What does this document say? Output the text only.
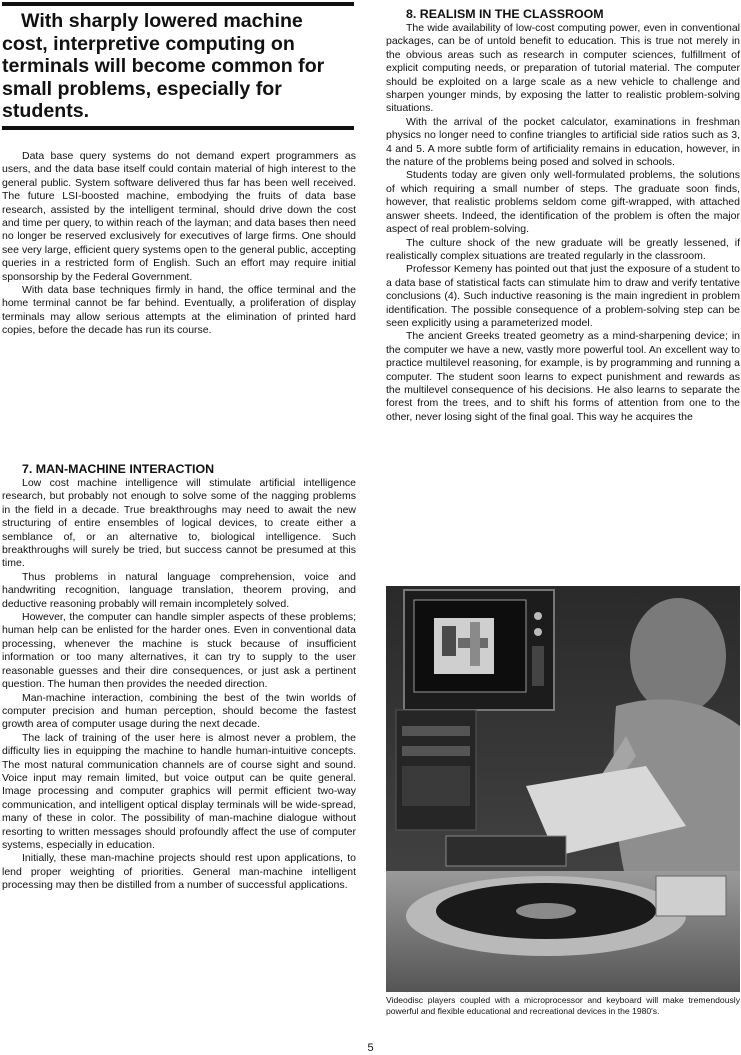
With sharply lowered machine

cost, interpretive computing on

terminals will become common for

small problems, especially for

students.

Data base query systems do not demand expert programmers as users, and the data base itself could contain material of high interest to the general public. System software delivered thus far has been well received. The future LSI-boosted machine, embodying the fruits of data base research, assisted by the intelligent terminal, should drive down the cost and time per query, to within reach of the layman; and data bases then need no longer be reserved exclusively for executives of large firms. One should see very large, efficient query systems open to the general public, accepting queries in a restricted form of English. Such an effort may require initial sponsorship by the Federal Government.

With data base techniques firmly in hand, the office terminal and the home terminal cannot be far behind. Eventually, a proliferation of display terminals may allow serious attempts at the elimination of printed hard copies, before the decade has run its course.

7. MAN-MACHINE INTERACTION

Low cost machine intelligence will stimulate artificial intelligence research, but probably not enough to solve some of the nagging problems in the field in a decade. True breakthroughs may need to await the new structuring of entire ensembles of logical devices, to create either a semblance of, or an alternative to, biological intelligence. Such breakthroughs will surely be tried, but success cannot be presumed at this time.

Thus problems in natural language comprehension, voice and handwriting recognition, language translation, theorem proving, and deductive reasoning probably will remain incompletely solved.

However, the computer can handle simpler aspects of these problems; human help can be enlisted for the harder ones. Even in conventional data processing, whenever the machine is stuck because of insufficient information or too many alternatives, it can try to supply to the user reasonable guesses and their dire consequences, or just ask a pertinent question. The human then provides the needed direction.

Man-machine interaction, combining the best of the twin worlds of computer precision and human perception, should become the fastest growth area of computer usage during the next decade.

The lack of training of the user here is almost never a problem, the difficulty lies in equipping the machine to handle human-intuitive concepts. The most natural communication channels are of course sight and sound. Voice input may remain limited, but voice output can be quite general. Image processing and computer graphics will permit efficient two-way communication, and intelligent optical display terminals will be wide-spread, many of these in color. The possibility of man-machine dialogue without resorting to written messages should profoundly affect the use of computer systems, especially in education.

Initially, these man-machine projects should rest upon applications, to lend proper weighting of priorities. General man-machine intelligent processing may then be distilled from a number of successful applications.

8. REALISM IN THE CLASSROOM

The wide availability of low-cost computing power, even in conventional packages, can be of untold benefit to education. This is true not merely in the obvious areas such as research in computer sciences, fulfillment of explicit computing needs, or preparation of tutorial material. The computer should be exploited on a large scale as a new vehicle to challenge and sharpen younger minds, by exposing the latter to realistic problem-solving situations.

With the arrival of the pocket calculator, examinations in freshman physics no longer need to confine triangles to artificial side ratios such as 3, 4 and 5. A more subtle form of artificiality remains in education, however, in the nature of the problems being posed and solved in schools.

Students today are given only well-formulated problems, the solutions of which requiring a small number of steps. The graduate soon finds, however, that realistic problems seldom come gift-wrapped, with attached answer sheets. Indeed, the identification of the problem is often the major aspect of real problem-solving.

The culture shock of the new graduate will be greatly lessened, if realistically complex situations are treated regularly in the classroom.

Professor Kemeny has pointed out that just the exposure of a student to a data base of statistical facts can stimulate him to draw and verify tentative conclusions (4). Such inductive reasoning is the main ingredient in problem identification. The possible consequence of a problem-solving step can be seen explicitly using a parameterized model.

The ancient Greeks treated geometry as a mind-sharpening device; in the computer we have a new, vastly more powerful tool. An excellent way to practice multilevel reasoning, for example, is by programming and running a computer. The student soon learns to expect punishment and rewards as the multilevel consequence of his decisions. He also learns to separate the forest from the trees, and to shift his forms of attention from one to the other, never losing sight of the final goal. This way he acquires the

Videodisc players coupled with a microprocessor and keyboard will make tremendously powerful and flexible educational and recreational devices in the 1980's.
5
